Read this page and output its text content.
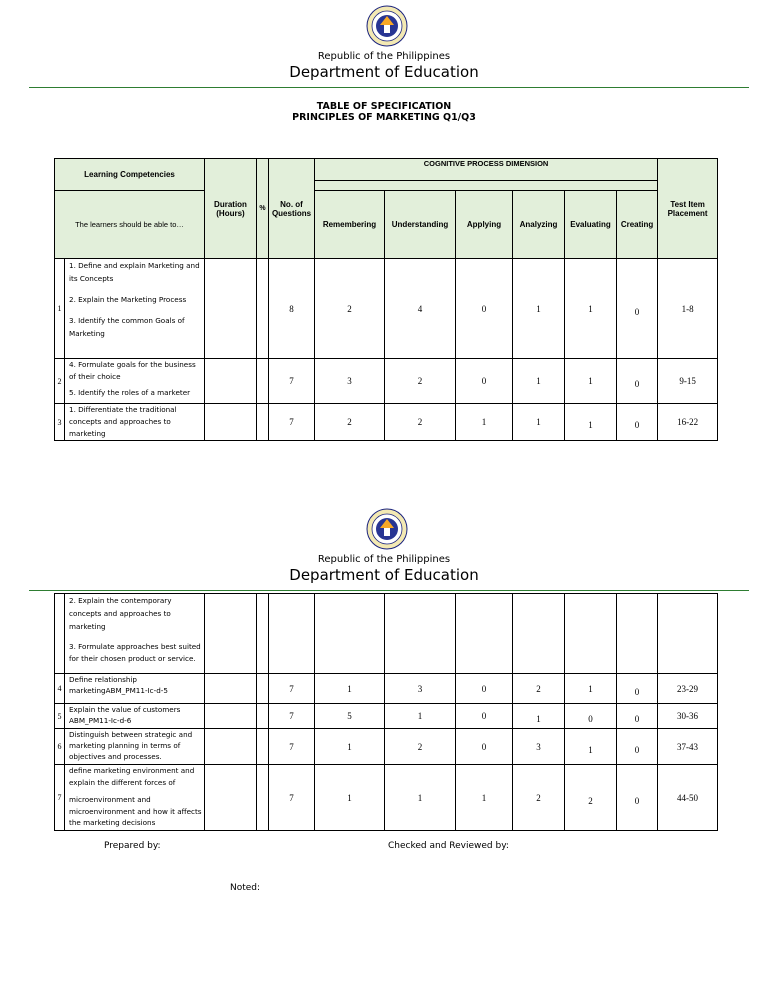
Republic of the Philippines
Department of Education
TABLE OF SPECIFICATION
PRINCIPLES OF MARKETING Q1/Q3
Learning Competencies		Duration (Hours)	%	No. of Questions	COGNITIVE PROCESS DIMENSION						Test Item Placement

The learners should be able to…					Remembering	Understanding	Applying	Analyzing	Evaluating	Creating	

1	1. Define and explain Marketing and its Concepts

2. Explain the Marketing Process

3. Identify the common Goals of Marketing			8	2	4	0	1	1	0	1-8
2	4. Formulate goals for the business of their choice

5. Identify the roles of a marketer			7	3	2	0	1	1	0	9-15
3	1. Differentiate the traditional concepts and approaches to marketing			7	2	2	1	1	1	0	16-22
Republic of the Philippines
Department of Education

	2. Explain the contemporary concepts and approaches to marketing

3. Formulate approaches best suited for their chosen product or service.										

4	Define relationship marketingABM_PM11-Ic-d-5			7	1	3	0	2	1	0	23-29
5	Explain the value of customers ABM_PM11-Ic-d-6			7	5	1	0	1	0	0	30-36
6	Distinguish between strategic and marketing planning in terms of objectives and processes.			7	1	2	0	3	1	0	37-43
7	define marketing environment and explain the different forces of

microenvironment and microenvironment and how it affects the marketing decisions			7	1	1	1	2	2	0	44-50
Prepared by:	Checked and Reviewed by:
Noted:
